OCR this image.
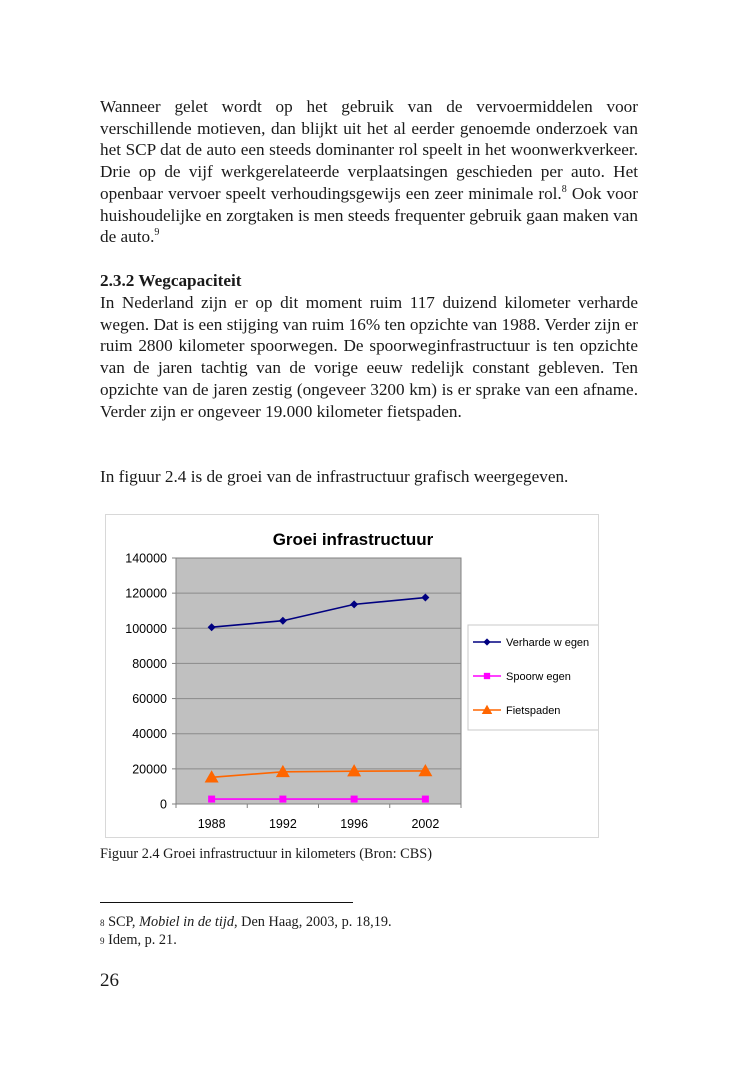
Wanneer gelet wordt op het gebruik van de vervoermiddelen voor verschillende motieven, dan blijkt uit het al eerder genoemde onderzoek van het SCP dat de auto een steeds dominanter rol speelt in het woonwerkverkeer. Drie op de vijf werkgerelateerde verplaatsingen geschieden per auto. Het openbaar vervoer speelt verhoudingsgewijs een zeer minimale rol.$^8$ Ook voor huishoudelijke en zorgtaken is men steeds frequenter gebruik gaan maken van de auto.$^9$

2.3.2 Wegcapaciteit

In Nederland zijn er op dit moment ruim 117 duizend kilometer verharde wegen. Dat is een stijging van ruim 16% ten opzichte van 1988. Verder zijn er ruim 2800 kilometer spoorwegen. De spoorweginfrastructuur is ten opzichte van de jaren tachtig van de vorige eeuw redelijk constant gebleven. Ten opzichte van de jaren zestig (ongeveer 3200 km) is er sprake van een afname. Verder zijn er ongeveer 19.000 kilometer fietspaden.

In figuur 2.4 is de groei van de infrastructuur grafisch weergegeven.

Groei infrastructuur
0
20000
40000
60000
80000
100000
120000
140000
1988	1992	1996	2002
Verharde w egen
Spoorw egen
Fietspaden

Figuur 2.4 Groei infrastructuur in kilometers (Bron: CBS)

$^8$ SCP, Mobiel in de tijd, Den Haag, 2003, p. 18,19.

$^9$ Idem, p. 21.

26
